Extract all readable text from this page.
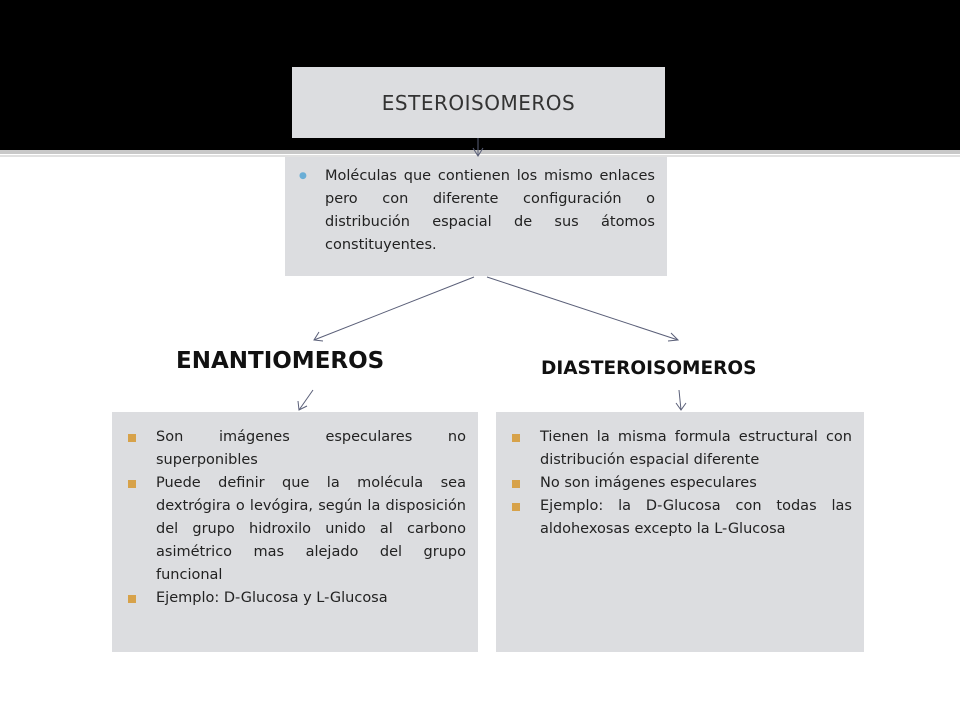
ESTEROISOMEROS
●	Moléculas que contienen los mismo enlaces pero con diferente configuración o distribución espacial de sus átomos constituyentes.
ENANTIOMEROS	DIASTEROISOMEROS
Son imágenes especulares no superponibles
Puede definir que la molécula sea dextrógira o levógira, según la disposición del grupo hidroxilo unido al carbono asimétrico mas alejado del grupo funcional
Ejemplo: D-Glucosa y L-Glucosa
Tienen la misma formula estructural con distribución espacial diferente
No son imágenes especulares
Ejemplo: la D-Glucosa con todas las aldohexosas excepto la L-Glucosa
